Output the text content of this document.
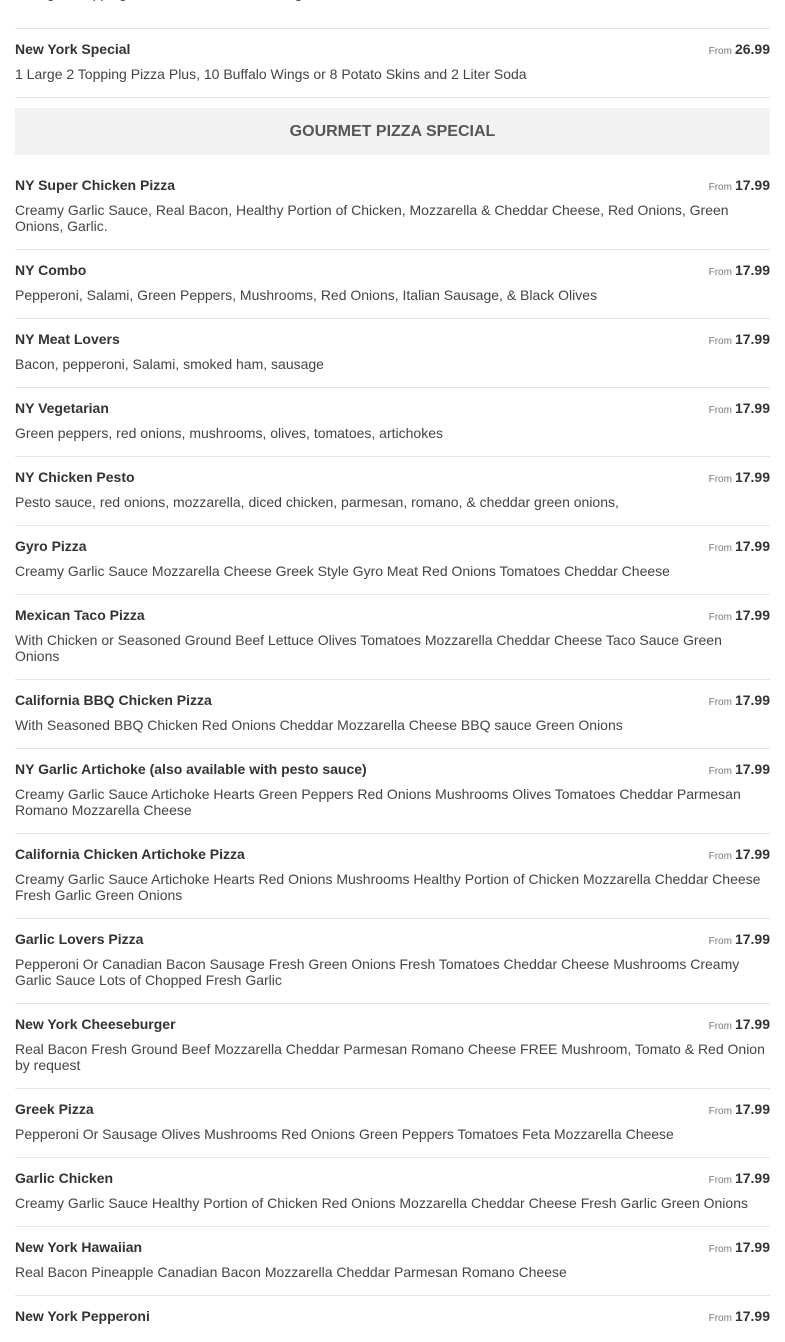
New York Special	From 26.99
1 Large 2 Topping Pizza Plus, 10 Buffalo Wings or 8 Potato Skins and 2 Liter Soda
GOURMET PIZZA SPECIAL
NY Super Chicken Pizza	From 17.99
Creamy Garlic Sauce, Real Bacon, Healthy Portion of Chicken, Mozzarella & Cheddar Cheese, Red Onions, Green Onions, Garlic.
NY Combo	From 17.99
Pepperoni, Salami, Green Peppers, Mushrooms, Red Onions, Italian Sausage, & Black Olives
NY Meat Lovers	From 17.99
Bacon, pepperoni, Salami, smoked ham, sausage
NY Vegetarian	From 17.99
Green peppers, red onions, mushrooms, olives, tomatoes, artichokes
NY Chicken Pesto	From 17.99
Pesto sauce, red onions, mozzarella, diced chicken, parmesan, romano, & cheddar green onions,
Gyro Pizza	From 17.99
Creamy Garlic Sauce Mozzarella Cheese Greek Style Gyro Meat Red Onions Tomatoes Cheddar Cheese
Mexican Taco Pizza	From 17.99
With Chicken or Seasoned Ground Beef Lettuce Olives Tomatoes Mozzarella Cheddar Cheese Taco Sauce Green Onions
California BBQ Chicken Pizza	From 17.99
With Seasoned BBQ Chicken Red Onions Cheddar Mozzarella Cheese BBQ sauce Green Onions
NY Garlic Artichoke (also available with pesto sauce)	From 17.99
Creamy Garlic Sauce Artichoke Hearts Green Peppers Red Onions Mushrooms Olives Tomatoes Cheddar Parmesan Romano Mozzarella Cheese
California Chicken Artichoke Pizza	From 17.99
Creamy Garlic Sauce Artichoke Hearts Red Onions Mushrooms Healthy Portion of Chicken Mozzarella Cheddar Cheese Fresh Garlic Green Onions
Garlic Lovers Pizza	From 17.99
Pepperoni Or Canadian Bacon Sausage Fresh Green Onions Fresh Tomatoes Cheddar Cheese Mushrooms Creamy Garlic Sauce Lots of Chopped Fresh Garlic
New York Cheeseburger	From 17.99
Real Bacon Fresh Ground Beef Mozzarella Cheddar Parmesan Romano Cheese FREE Mushroom, Tomato & Red Onion by request
Greek Pizza	From 17.99
Pepperoni Or Sausage Olives Mushrooms Red Onions Green Peppers Tomatoes Feta Mozzarella Cheese
Garlic Chicken	From 17.99
Creamy Garlic Sauce Healthy Portion of Chicken Red Onions Mozzarella Cheddar Cheese Fresh Garlic Green Onions
New York Hawaiian	From 17.99
Real Bacon Pineapple Canadian Bacon Mozzarella Cheddar Parmesan Romano Cheese
New York Pepperoni	From 17.99
